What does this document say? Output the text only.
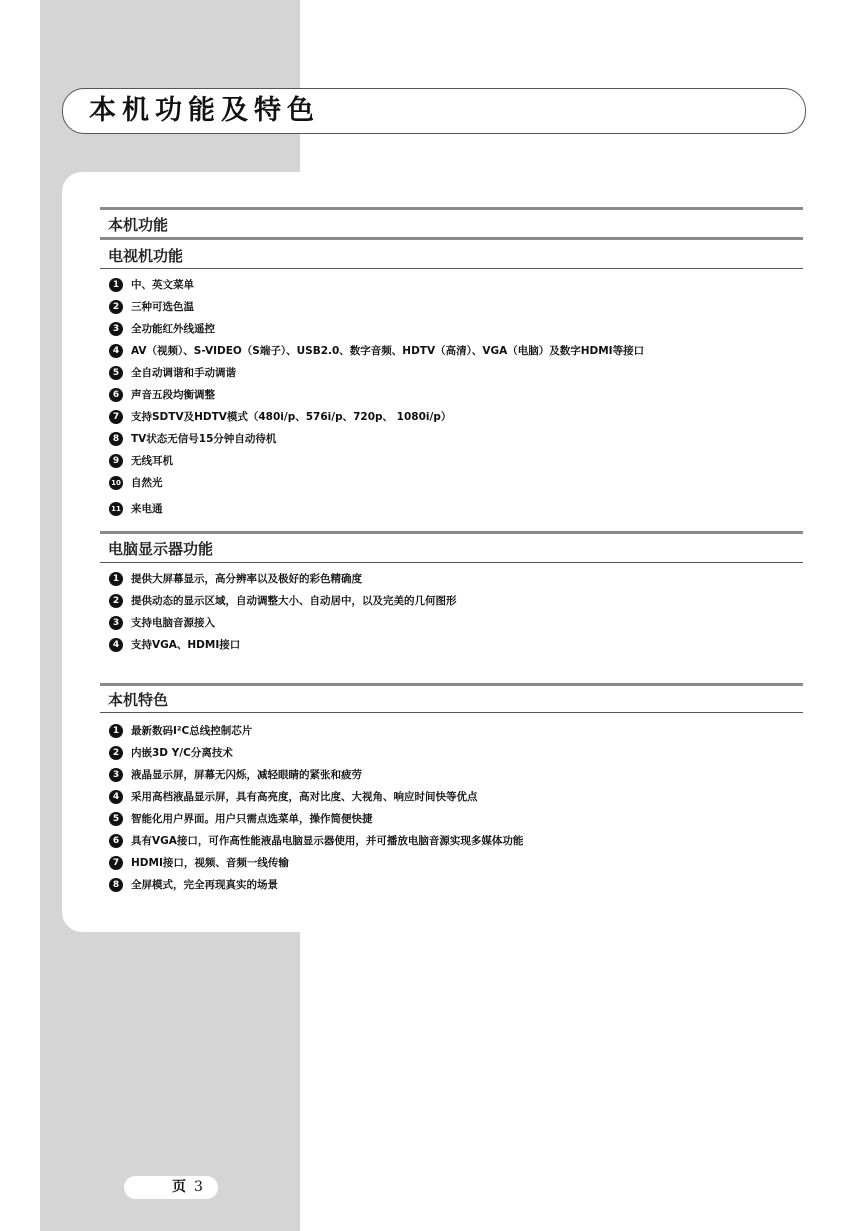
本机功能及特色
本机功能
电视机功能
1	中、英文菜单
2	三种可选色温
3	全功能红外线遥控
4	AV（视频）、S-VIDEO（S端子）、USB2.0、数字音频、HDTV（高清）、VGA（电脑）及数字HDMI等接口
5	全自动调谐和手动调谐
6	声音五段均衡调整
7	支持SDTV及HDTV模式（480i/p、576i/p、720p、 1080i/p）
8	TV状态无信号15分钟自动待机
9	无线耳机
10 自然光
11 来电通
电脑显示器功能
1	提供大屏幕显示，高分辨率以及极好的彩色精确度
2	提供动态的显示区域，自动调整大小、自动居中，以及完美的几何图形
3	支持电脑音源接入
4	支持VGA、HDMI接口
本机特色
1	最新数码I²C总线控制芯片
2	内嵌3D Y/C分离技术
3	液晶显示屏，屏幕无闪烁，减轻眼睛的紧张和疲劳
4	采用高档液晶显示屏，具有高亮度，高对比度、大视角、响应时间快等优点
5	智能化用户界面。用户只需点选菜单，操作简便快捷
6	具有VGA接口，可作高性能液晶电脑显示器使用，并可播放电脑音源实现多媒体功能
7	HDMI接口，视频、音频一线传输
8	全屏模式，完全再现真实的场景
页 3
